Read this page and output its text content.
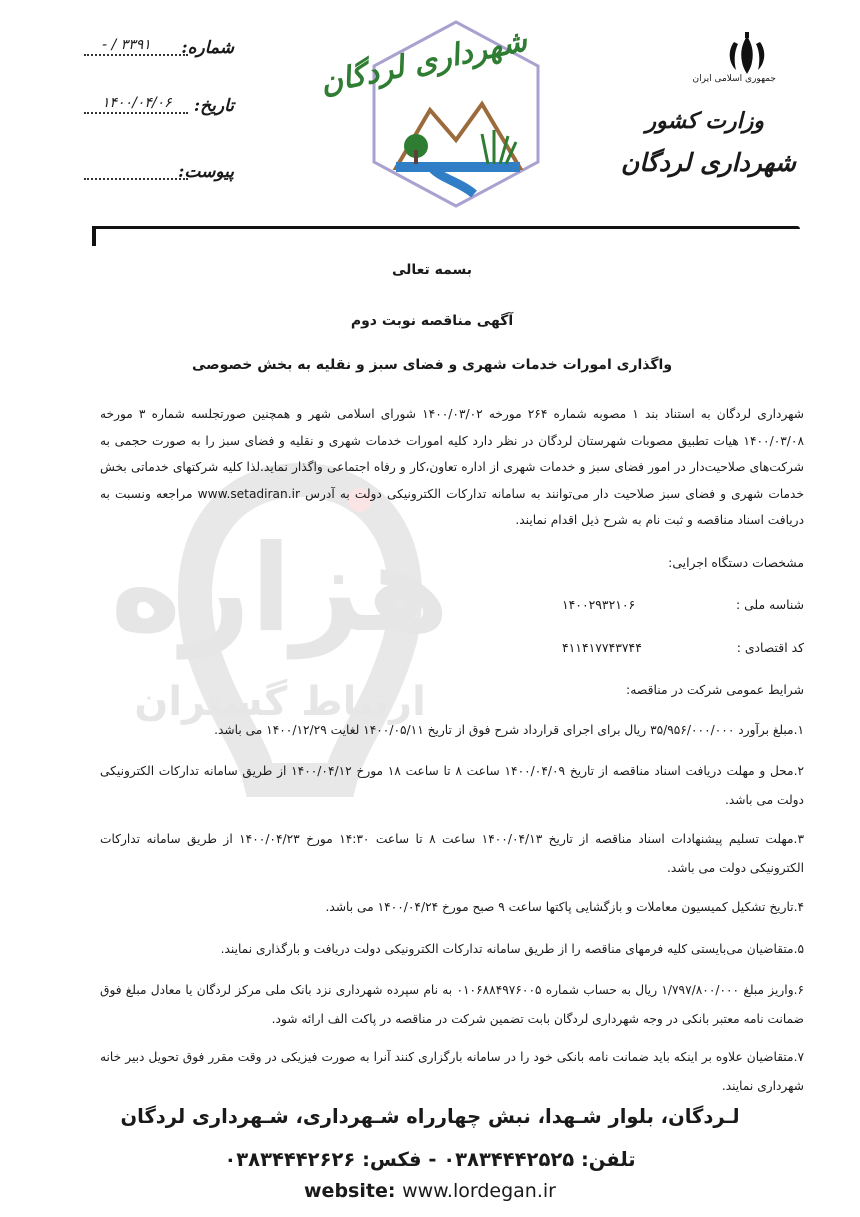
هزاره
ارتباط گستران
جمهوری اسلامی ایران
وزارت کشور
شهرداری لردگان
شهرداری لردگان
شماره:
- / ۳۳۹۱
تاریخ:
۱۴۰۰/۰۴/۰۶
پیوست:
بسمه تعالی
آگهی مناقصه نوبت دوم
واگذاری امورات خدمات شهری و فضای سبز و نقلیه به بخش خصوصی
شهرداری لردگان به استناد بند ۱ مصوبه شماره ۲۶۴ مورخه ۱۴۰۰/۰۳/۰۲ شورای اسلامی شهر و همچنین صورتجلسه شماره ۳ مورخه ۱۴۰۰/۰۳/۰۸ هیات تطبیق مصوبات شهرستان لردگان در نظر دارد کلیه امورات خدمات شهری و نقلیه و فضای سبز را به صورت حجمی به شرکت‌های صلاحیت‌دار در امور فضای سبز و خدمات شهری از اداره تعاون،کار و رفاه اجتماعی واگذار نماید.لذا کلیه شرکتهای خدماتی بخش خدمات شهری و فضای سبز صلاحیت دار می‌توانند به سامانه تدارکات الکترونیکی دولت به آدرس www.setadiran.ir مراجعه ونسبت به دریافت اسناد مناقصه و ثبت نام به شرح ذیل اقدام نمایند.
مشخصات دستگاه اجرایی:
شناسه ملی :
۱۴۰۰۲۹۳۲۱۰۶
کد اقتصادی :
۴۱۱۴۱۷۷۴۳۷۴۴
شرایط عمومی شرکت در مناقصه:
۱.مبلغ برآورد ۳۵/۹۵۶/۰۰۰/۰۰۰ ریال برای اجرای قرارداد شرح فوق از تاریخ ۱۴۰۰/۰۵/۱۱ لغایت ۱۴۰۰/۱۲/۲۹ می باشد.
۲.محل و مهلت دریافت اسناد مناقصه از تاریخ ۱۴۰۰/۰۴/۰۹ ساعت ۸ تا ساعت ۱۸ مورخ ۱۴۰۰/۰۴/۱۲ از طریق سامانه تدارکات الکترونیکی دولت می باشد.
۳.مهلت تسلیم پیشنهادات اسناد مناقصه از تاریخ ۱۴۰۰/۰۴/۱۳ ساعت ۸ تا ساعت ۱۴:۳۰ مورخ ۱۴۰۰/۰۴/۲۳ از طریق سامانه تدارکات الکترونیکی دولت می باشد.
۴.تاریخ تشکیل کمیسیون معاملات و بازگشایی پاکتها ساعت ۹ صبح مورخ ۱۴۰۰/۰۴/۲۴ می باشد.
۵.متقاضیان می‌بایستی کلیه فرمهای مناقصه را از طریق سامانه تدارکات الکترونیکی دولت دریافت و بارگذاری نمایند.
۶.واریز مبلغ ۱/۷۹۷/۸۰۰/۰۰۰ ریال به حساب شماره ۰۱۰۶۸۸۴۹۷۶۰۰۵ به نام سپرده شهرداری نزد بانک ملی مرکز لردگان یا معادل مبلغ فوق ضمانت نامه معتبر بانکی در وجه شهرداری لردگان بابت تضمین شرکت در مناقصه در پاکت الف ارائه شود.
۷.متقاضیان علاوه بر اینکه باید ضمانت نامه بانکی خود را در سامانه بارگزاری کنند آنرا به صورت فیزیکی در وقت مقرر فوق تحویل دبیر خانه شهرداری نمایند.
لـردگان، بلوار شـهدا، نبش چهارراه شـهرداری، شـهرداری لردگان
تلفن: ۰۳۸۳۴۴۴۲۵۲۵ - فکس: ۰۳۸۳۴۴۴۲۶۲۶
website: www.lordegan.ir
